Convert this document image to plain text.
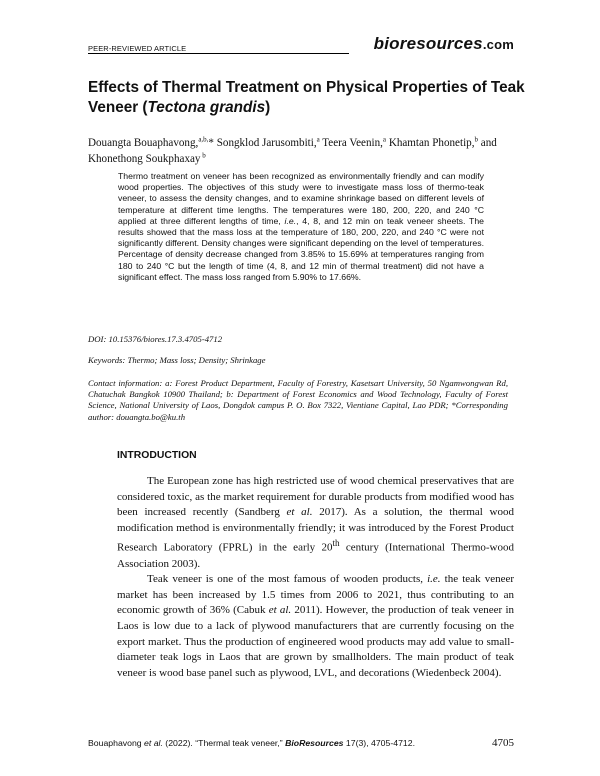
PEER-REVIEWED ARTICLE	bioresources.com
Effects of Thermal Treatment on Physical Properties of Teak Veneer (Tectona grandis)
Douangta Bouaphavong,$^{a,b,}$* Songklod Jarusombiti,$^a$ Teera Veenin,$^a$ Khamtan Phonetip,$^b$ and Khonethong Soukphaxay $^b$
Thermo treatment on veneer has been recognized as environmentally friendly and can modify wood properties. The objectives of this study were to investigate mass loss of thermo-teak veneer, to assess the density changes, and to examine shrinkage based on different levels of temperature at different time lengths. The temperatures were 180, 200, 220, and 240 °C applied at three different lengths of time, i.e., 4, 8, and 12 min on teak veneer sheets. The results showed that the mass loss at the temperature of 180, 200, 220, and 240 °C were not significantly different. Density changes were significant depending on the level of temperatures. Percentage of density decrease changed from 3.85% to 15.69% at temperatures ranging from 180 to 240 °C but the length of time (4, 8, and 12 min of thermal treatment) did not have a significant effect. The mass loss ranged from 5.90% to 17.66%.
DOI: 10.15376/biores.17.3.4705-4712
Keywords: Thermo; Mass loss; Density; Shrinkage
Contact information: a: Forest Product Department, Faculty of Forestry, Kasetsart University, 50 Ngamwongwan Rd, Chatuchak Bangkok 10900 Thailand; b: Department of Forest Economics and Wood Technology, Faculty of Forest Science, National University of Laos, Dongdok campus P. O. Box 7322, Vientiane Capital, Lao PDR; *Corresponding author: douangta.bo@ku.th
INTRODUCTION

The European zone has high restricted use of wood chemical preservatives that are considered toxic, as the market requirement for durable products from modified wood has been increased recently (Sandberg et al. 2017). As a solution, the thermal wood modification method is environmentally friendly; it was introduced by the Forest Product Research Laboratory (FPRL) in the early 20th century (International Thermo-wood Association 2003).

Teak veneer is one of the most famous of wooden products, i.e. the teak veneer market has been increased by 1.5 times from 2006 to 2021, thus contributing to an economic growth of 36% (Cabuk et al. 2011). However, the production of teak veneer in Laos is low due to a lack of plywood manufacturers that are currently focusing on the export market. Thus the production of engineered wood products may add value to small-diameter teak logs in Laos that are grown by smallholders. The main product of teak veneer is wood base panel such as plywood, LVL, and decorations (Wiedenbeck 2004).

Bouaphavong et al. (2022). “Thermal teak veneer,” BioResources 17(3), 4705-4712.	4705
